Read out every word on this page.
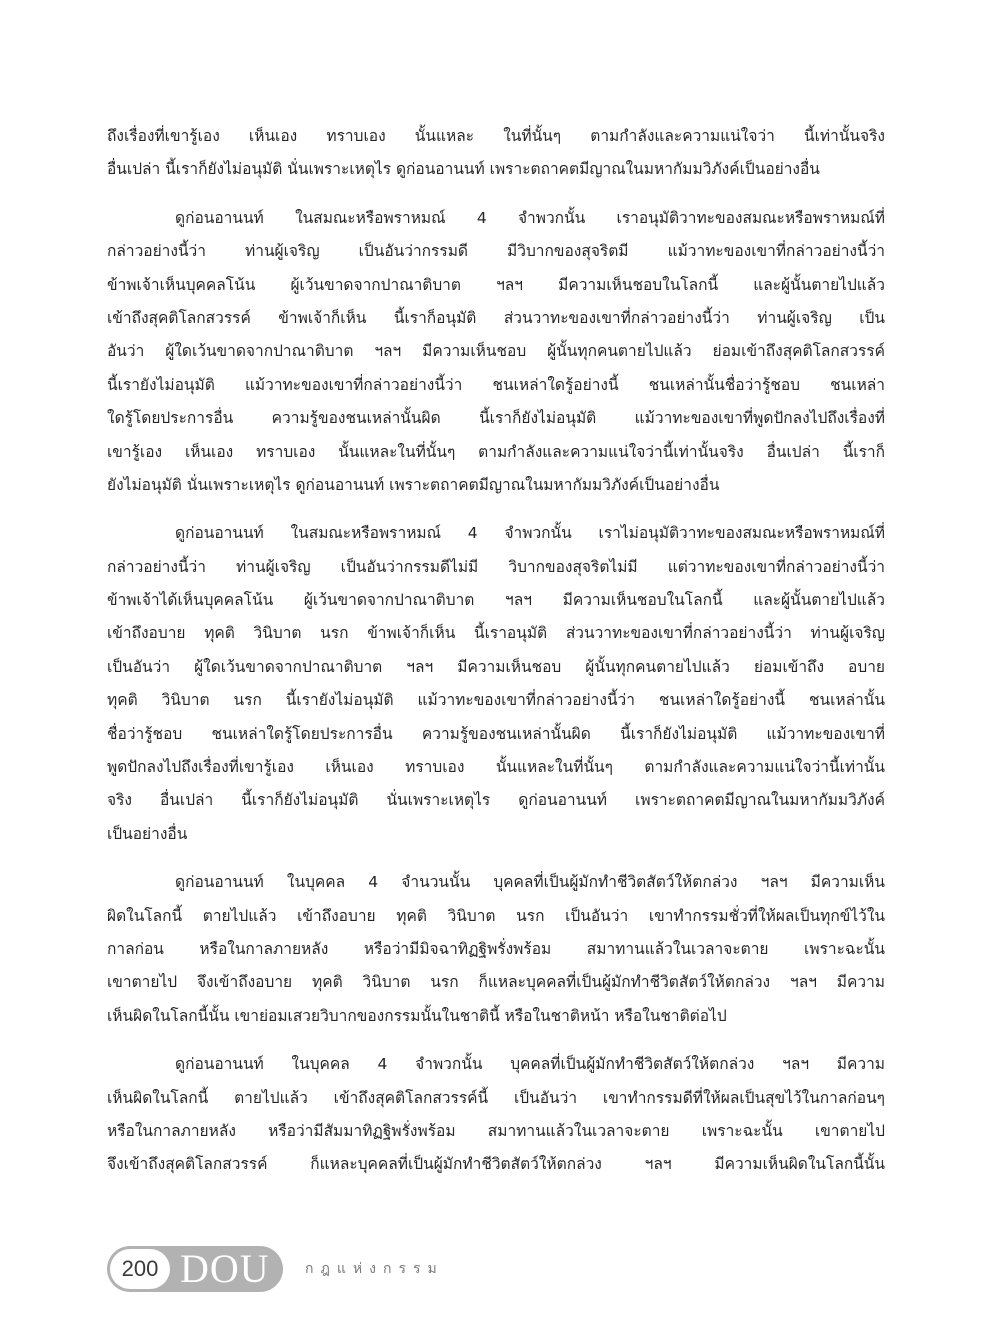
ถึงเรื่องที่เขารู้เอง เห็นเอง ทราบเอง นั้นแหละ ในที่นั้นๆ ตามกำลังและความแน่ใจว่า นี้เท่านั้นจริง
อื่นเปล่า นี้เราก็ยังไม่อนุมัติ นั่นเพราะเหตุไร ดูก่อนอานนท์ เพราะตถาคตมีญาณในมหากัมมวิภังค์เป็นอย่างอื่น
ดูก่อนอานนท์ ในสมณะหรือพราหมณ์ 4 จำพวกนั้น เราอนุมัติวาทะของสมณะหรือพราหมณ์ที่
กล่าวอย่างนี้ว่า ท่านผู้เจริญ เป็นอันว่ากรรมดี มีวิบากของสุจริตมี แม้วาทะของเขาที่กล่าวอย่างนี้ว่า
ข้าพเจ้าเห็นบุคคลโน้น ผู้เว้นขาดจากปาณาติบาต ฯลฯ มีความเห็นชอบในโลกนี้ และผู้นั้นตายไปแล้ว
เข้าถึงสุคติโลกสวรรค์ ข้าพเจ้าก็เห็น นี้เราก็อนุมัติ ส่วนวาทะของเขาที่กล่าวอย่างนี้ว่า ท่านผู้เจริญ เป็น
อันว่า ผู้ใดเว้นขาดจากปาณาติบาต ฯลฯ มีความเห็นชอบ ผู้นั้นทุกคนตายไปแล้ว ย่อมเข้าถึงสุคติโลกสวรรค์
นี้เรายังไม่อนุมัติ แม้วาทะของเขาที่กล่าวอย่างนี้ว่า ชนเหล่าใดรู้อย่างนี้ ชนเหล่านั้นชื่อว่ารู้ชอบ ชนเหล่า
ใดรู้โดยประการอื่น ความรู้ของชนเหล่านั้นผิด นี้เราก็ยังไม่อนุมัติ แม้วาทะของเขาที่พูดปักลงไปถึงเรื่องที่
เขารู้เอง เห็นเอง ทราบเอง นั้นแหละในที่นั้นๆ ตามกำลังและความแน่ใจว่านี้เท่านั้นจริง อื่นเปล่า นี้เราก็
ยังไม่อนุมัติ นั่นเพราะเหตุไร ดูก่อนอานนท์ เพราะตถาคตมีญาณในมหากัมมวิภังค์เป็นอย่างอื่น
ดูก่อนอานนท์ ในสมณะหรือพราหมณ์ 4 จำพวกนั้น เราไม่อนุมัติวาทะของสมณะหรือพราหมณ์ที่
กล่าวอย่างนี้ว่า ท่านผู้เจริญ เป็นอันว่ากรรมดีไม่มี วิบากของสุจริตไม่มี แต่วาทะของเขาที่กล่าวอย่างนี้ว่า
ข้าพเจ้าได้เห็นบุคคลโน้น ผู้เว้นขาดจากปาณาติบาต ฯลฯ มีความเห็นชอบในโลกนี้ และผู้นั้นตายไปแล้ว
เข้าถึงอบาย ทุคติ วินิบาต นรก ข้าพเจ้าก็เห็น นี้เราอนุมัติ ส่วนวาทะของเขาที่กล่าวอย่างนี้ว่า ท่านผู้เจริญ
เป็นอันว่า ผู้ใดเว้นขาดจากปาณาติบาต ฯลฯ มีความเห็นชอบ ผู้นั้นทุกคนตายไปแล้ว ย่อมเข้าถึง อบาย
ทุคติ วินิบาต นรก นี้เรายังไม่อนุมัติ แม้วาทะของเขาที่กล่าวอย่างนี้ว่า ชนเหล่าใดรู้อย่างนี้ ชนเหล่านั้น
ชื่อว่ารู้ชอบ ชนเหล่าใดรู้โดยประการอื่น ความรู้ของชนเหล่านั้นผิด นี้เราก็ยังไม่อนุมัติ แม้วาทะของเขาที่
พูดปักลงไปถึงเรื่องที่เขารู้เอง เห็นเอง ทราบเอง นั้นแหละในที่นั้นๆ ตามกำลังและความแน่ใจว่านี้เท่านั้น
จริง อื่นเปล่า นี้เราก็ยังไม่อนุมัติ นั่นเพราะเหตุไร ดูก่อนอานนท์ เพราะตถาคตมีญาณในมหากัมมวิภังค์
เป็นอย่างอื่น
ดูก่อนอานนท์ ในบุคคล 4 จำนวนนั้น บุคคลที่เป็นผู้มักทำชีวิตสัตว์ให้ตกล่วง ฯลฯ มีความเห็น
ผิดในโลกนี้ ตายไปแล้ว เข้าถึงอบาย ทุคติ วินิบาต นรก เป็นอันว่า เขาทำกรรมชั่วที่ให้ผลเป็นทุกข์ไว้ใน
กาลก่อน หรือในกาลภายหลัง หรือว่ามีมิจฉาทิฏฐิพรั่งพร้อม สมาทานแล้วในเวลาจะตาย เพราะฉะนั้น
เขาตายไป จึงเข้าถึงอบาย ทุคติ วินิบาต นรก ก็แหละบุคคลที่เป็นผู้มักทำชีวิตสัตว์ให้ตกล่วง ฯลฯ มีความ
เห็นผิดในโลกนี้นั้น เขาย่อมเสวยวิบากของกรรมนั้นในชาตินี้ หรือในชาติหน้า หรือในชาติต่อไป
ดูก่อนอานนท์ ในบุคคล 4 จำพวกนั้น บุคคลที่เป็นผู้มักทำชีวิตสัตว์ให้ตกล่วง ฯลฯ มีความ
เห็นผิดในโลกนี้ ตายไปแล้ว เข้าถึงสุคติโลกสวรรค์นี้ เป็นอันว่า เขาทำกรรมดีที่ให้ผลเป็นสุขไว้ในกาลก่อนๆ
หรือในกาลภายหลัง หรือว่ามีสัมมาทิฏฐิพรั่งพร้อม สมาทานแล้วในเวลาจะตาย เพราะฉะนั้น เขาตายไป
จึงเข้าถึงสุคติโลกสวรรค์ ก็แหละบุคคลที่เป็นผู้มักทำชีวิตสัตว์ให้ตกล่วง ฯลฯ มีความเห็นผิดในโลกนี้นั้น
200 DOU	กฎแห่งกรรม
